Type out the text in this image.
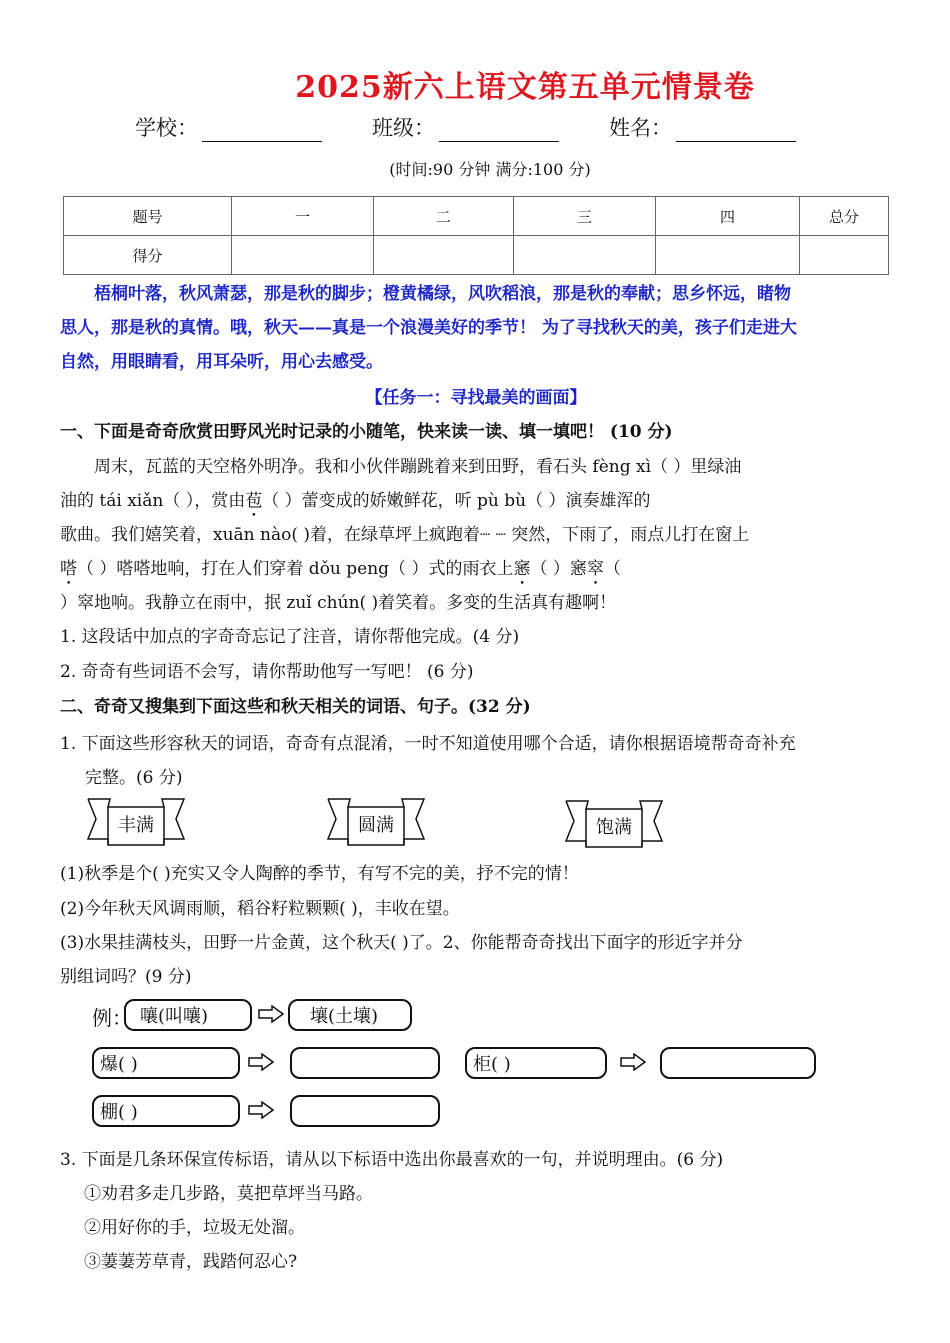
2025新六上语文第五单元情景卷
学校：	班级：	姓名：
(时间:90 分钟 满分:100 分)
题号	一	二	三	四	总分
得分					
梧桐叶落，秋风萧瑟，那是秋的脚步；橙黄橘绿，风吹稻浪，那是秋的奉献；思乡怀远，睹物
思人，那是秋的真情。哦，秋天——真是一个浪漫美好的季节！ 为了寻找秋天的美，孩子们走进大
自然，用眼睛看，用耳朵听，用心去感受。
【任务一：寻找最美的画面】
一、下面是奇奇欣赏田野风光时记录的小随笔，快来读一读、填一填吧！ (10 分)
周末，瓦蓝的天空格外明净。我和小伙伴蹦跳着来到田野，看石头 fèng xì（ ）里绿油
油的 tái xiǎn（ ），赏由苞（ ）蕾变成的娇嫩鲜花，听 pù bù（ ）演奏雄浑的
歌曲。我们嬉笑着，xuān nào( )着，在绿草坪上疯跑着┈ ┈ 突然，下雨了，雨点儿打在窗上
嗒（ ）嗒嗒地响，打在人们穿着 dǒu peng（ ）式的雨衣上窸（ ）窸窣（
）窣地响。我静立在雨中，抿 zuǐ chún( )着笑着。多变的生活真有趣啊！
1. 这段话中加点的字奇奇忘记了注音，请你帮他完成。(4 分)
2. 奇奇有些词语不会写，请你帮助他写一写吧！ (6 分)
二、奇奇又搜集到下面这些和秋天相关的词语、句子。(32 分)
1. 下面这些形容秋天的词语，奇奇有点混淆，一时不知道使用哪个合适，请你根据语境帮奇奇补充
完整。(6 分)
丰满	圆满	饱满
(1)秋季是个( )充实又令人陶醉的季节，有写不完的美，抒不完的情！
(2)今年秋天风调雨顺，稻谷籽粒颗颗( )，丰收在望。
(3)水果挂满枝头，田野一片金黄，这个秋天( )了。2、你能帮奇奇找出下面字的形近字并分
别组词吗？(9 分)
例： 嚷(叫嚷)	壤(土壤)
爆( )	柜( )
棚( )
3. 下面是几条环保宣传标语，请从以下标语中选出你最喜欢的一句，并说明理由。(6 分)
①劝君多走几步路，莫把草坪当马路。
②用好你的手，垃圾无处溜。
③萋萋芳草青，践踏何忍心?
